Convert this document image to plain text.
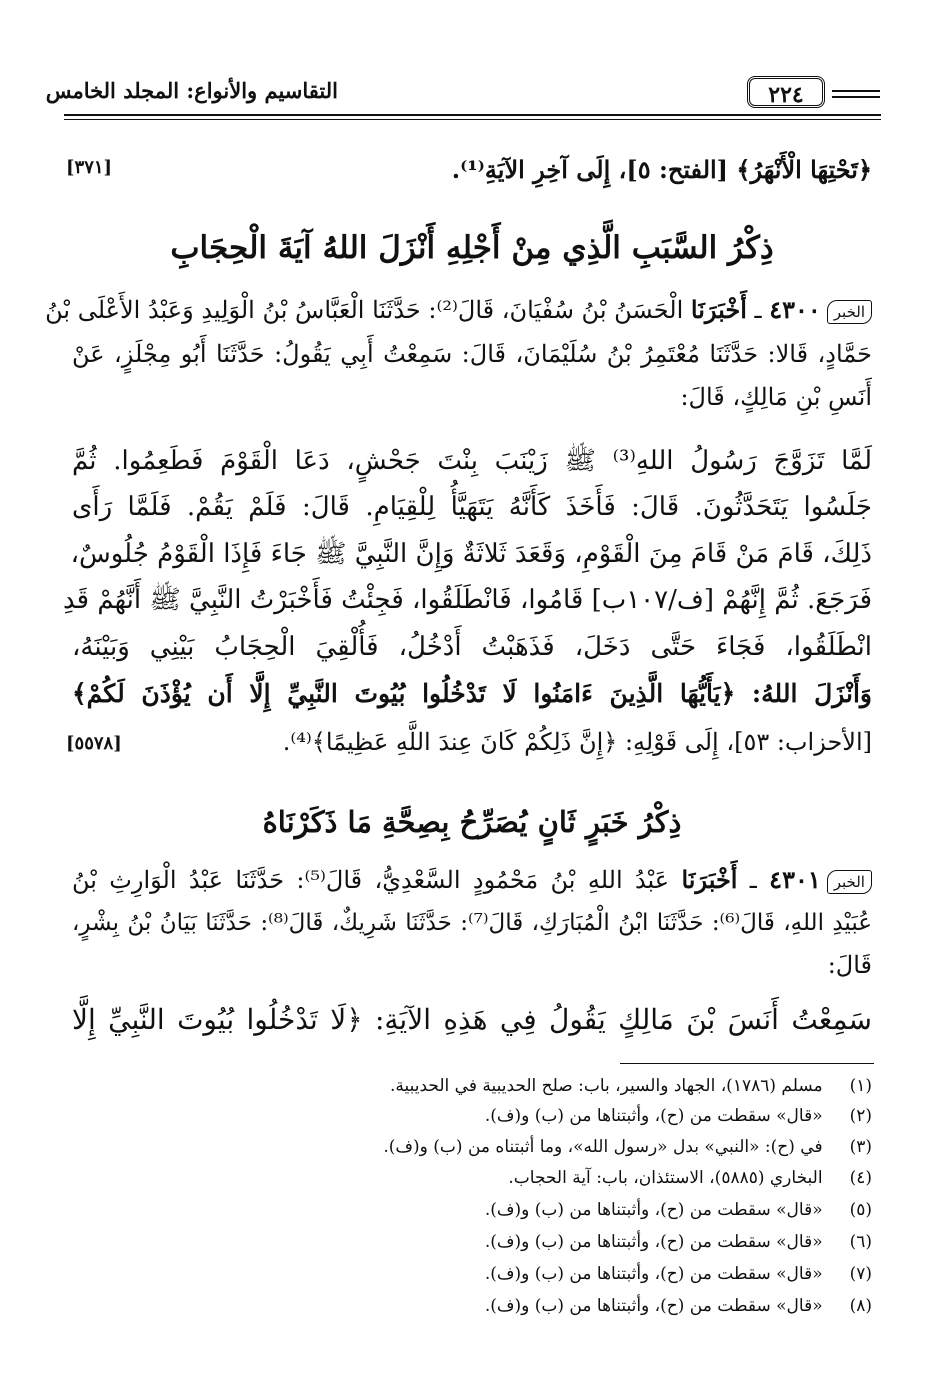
التقاسيم والأنواع: المجلد الخامس	٢٢٤
﴿تَحْتِهَا الْأَنْهَرُ﴾ [الفتح: ٥]، إِلَى آخِرِ الآيَةِ⁽¹⁾.
[٣٧١]
ذِكْرُ السَّبَبِ الَّذِي مِنْ أَجْلِهِ أَنْزَلَ اللهُ آيَةَ الْحِجَابِ
الخبر٤٣٠٠ ـ أَخْبَرَنَا الْحَسَنُ بْنُ سُفْيَانَ، قَالَ⁽²⁾: حَدَّثَنَا الْعَبَّاسُ بْنُ الْوَلِيدِ وَعَبْدُ الأَعْلَى بْنُ
حَمَّادٍ، قَالا: حَدَّثَنَا مُعْتَمِرُ بْنُ سُلَيْمَانَ، قَالَ: سَمِعْتُ أَبِي يَقُولُ: حَدَّثَنَا أَبُو مِجْلَزٍ، عَنْ
أَنَسِ بْنِ مَالِكٍ، قَالَ:
لَمَّا تَزَوَّجَ رَسُولُ اللهِ⁽³⁾ ﷺ زَيْنَبَ بِنْتَ جَحْشٍ، دَعَا الْقَوْمَ فَطَعِمُوا. ثُمَّ
جَلَسُوا يَتَحَدَّثُونَ. قَالَ: فَأَخَذَ كَأَنَّهُ يَتَهَيَّأُ لِلْقِيَامِ. قَالَ: فَلَمْ يَقُمْ. فَلَمَّا رَأَى
ذَلِكَ، قَامَ مَنْ قَامَ مِنَ الْقَوْمِ، وَقَعَدَ ثَلاثَةٌ وَإِنَّ النَّبِيَّ ﷺ جَاءَ فَإِذَا الْقَوْمُ جُلُوسٌ،
فَرَجَعَ. ثُمَّ إِنَّهُمْ [ف/١٠٧ب] قَامُوا، فَانْطَلَقُوا، فَجِئْتُ فَأَخْبَرْتُ النَّبِيَّ ﷺ أَنَّهُمْ قَدِ
انْطَلَقُوا، فَجَاءَ حَتَّى دَخَلَ، فَذَهَبْتُ أَدْخُلُ، فَأُلْقِيَ الْحِجَابُ بَيْنِي وَبَيْنَهُ،
وَأَنْزَلَ اللهُ: ﴿يَأَيُّهَا الَّذِينَ ءَامَنُوا لَا تَدْخُلُوا بُيُوتَ النَّبِيِّ إِلَّا أَن يُؤْذَنَ لَكُمْ﴾
[الأحزاب: ٥٣]، إِلَى قَوْلِهِ: ﴿إِنَّ ذَلِكُمْ كَانَ عِندَ اللَّهِ عَظِيمًا﴾⁽⁴⁾.
[٥٥٧٨]
ذِكْرُ خَبَرٍ ثَانٍ يُصَرِّحُ بِصِحَّةِ مَا ذَكَرْنَاهُ
الخبر٤٣٠١ ـ أَخْبَرَنَا عَبْدُ اللهِ بْنُ مَحْمُودٍ السَّعْدِيُّ، قَالَ⁽⁵⁾: حَدَّثَنَا عَبْدُ الْوَارِثِ بْنُ
عُبَيْدِ اللهِ، قَالَ⁽⁶⁾: حَدَّثَنَا ابْنُ الْمُبَارَكِ، قَالَ⁽⁷⁾: حَدَّثَنَا شَرِيكٌ، قَالَ⁽⁸⁾: حَدَّثَنَا بَيَانُ بْنُ بِشْرٍ،
قَالَ:
سَمِعْتُ أَنَسَ بْنَ مَالِكٍ يَقُولُ فِي هَذِهِ الآيَةِ: ﴿لَا تَدْخُلُوا بُيُوتَ النَّبِيِّ إِلَّا
(١) مسلم (١٧٨٦)، الجهاد والسير، باب: صلح الحديبية في الحديبية.
(٢) «قال» سقطت من (ح)، وأثبتناها من (ب) و(ف).
(٣) في (ح): «النبي» بدل «رسول الله»، وما أثبتناه من (ب) و(ف).
(٤) البخاري (٥٨٨٥)، الاستئذان، باب: آية الحجاب.
(٥) «قال» سقطت من (ح)، وأثبتناها من (ب) و(ف).
(٦) «قال» سقطت من (ح)، وأثبتناها من (ب) و(ف).
(٧) «قال» سقطت من (ح)، وأثبتناها من (ب) و(ف).
(٨) «قال» سقطت من (ح)، وأثبتناها من (ب) و(ف).
